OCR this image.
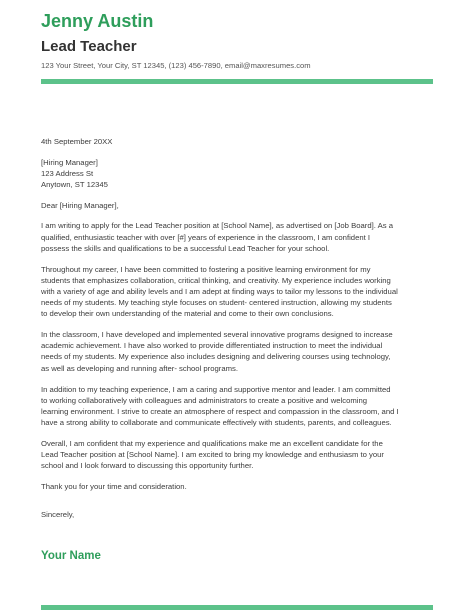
Jenny Austin
Lead Teacher
123 Your Street, Your City, ST 12345, (123) 456-7890, email@maxresumes.com
4th September 20XX
[Hiring Manager]
123 Address St
Anytown, ST 12345
Dear [Hiring Manager],
I am writing to apply for the Lead Teacher position at [School Name], as advertised on [Job Board]. As a
qualified, enthusiastic teacher with over [#] years of experience in the classroom, I am confident I
possess the skills and qualifications to be a successful Lead Teacher for your school.
Throughout my career, I have been committed to fostering a positive learning environment for my
students that emphasizes collaboration, critical thinking, and creativity. My experience includes working
with a variety of age and ability levels and I am adept at finding ways to tailor my lessons to the individual
needs of my students. My teaching style focuses on student- centered instruction, allowing my students
to develop their own understanding of the material and come to their own conclusions.
In the classroom, I have developed and implemented several innovative programs designed to increase
academic achievement. I have also worked to provide differentiated instruction to meet the individual
needs of my students. My experience also includes designing and delivering courses using technology,
as well as developing and running after- school programs.
In addition to my teaching experience, I am a caring and supportive mentor and leader. I am committed
to working collaboratively with colleagues and administrators to create a positive and welcoming
learning environment. I strive to create an atmosphere of respect and compassion in the classroom, and I
have a strong ability to collaborate and communicate effectively with students, parents, and colleagues.
Overall, I am confident that my experience and qualifications make me an excellent candidate for the
Lead Teacher position at [School Name]. I am excited to bring my knowledge and enthusiasm to your
school and I look forward to discussing this opportunity further.
Thank you for your time and consideration.
Sincerely,
Your Name
